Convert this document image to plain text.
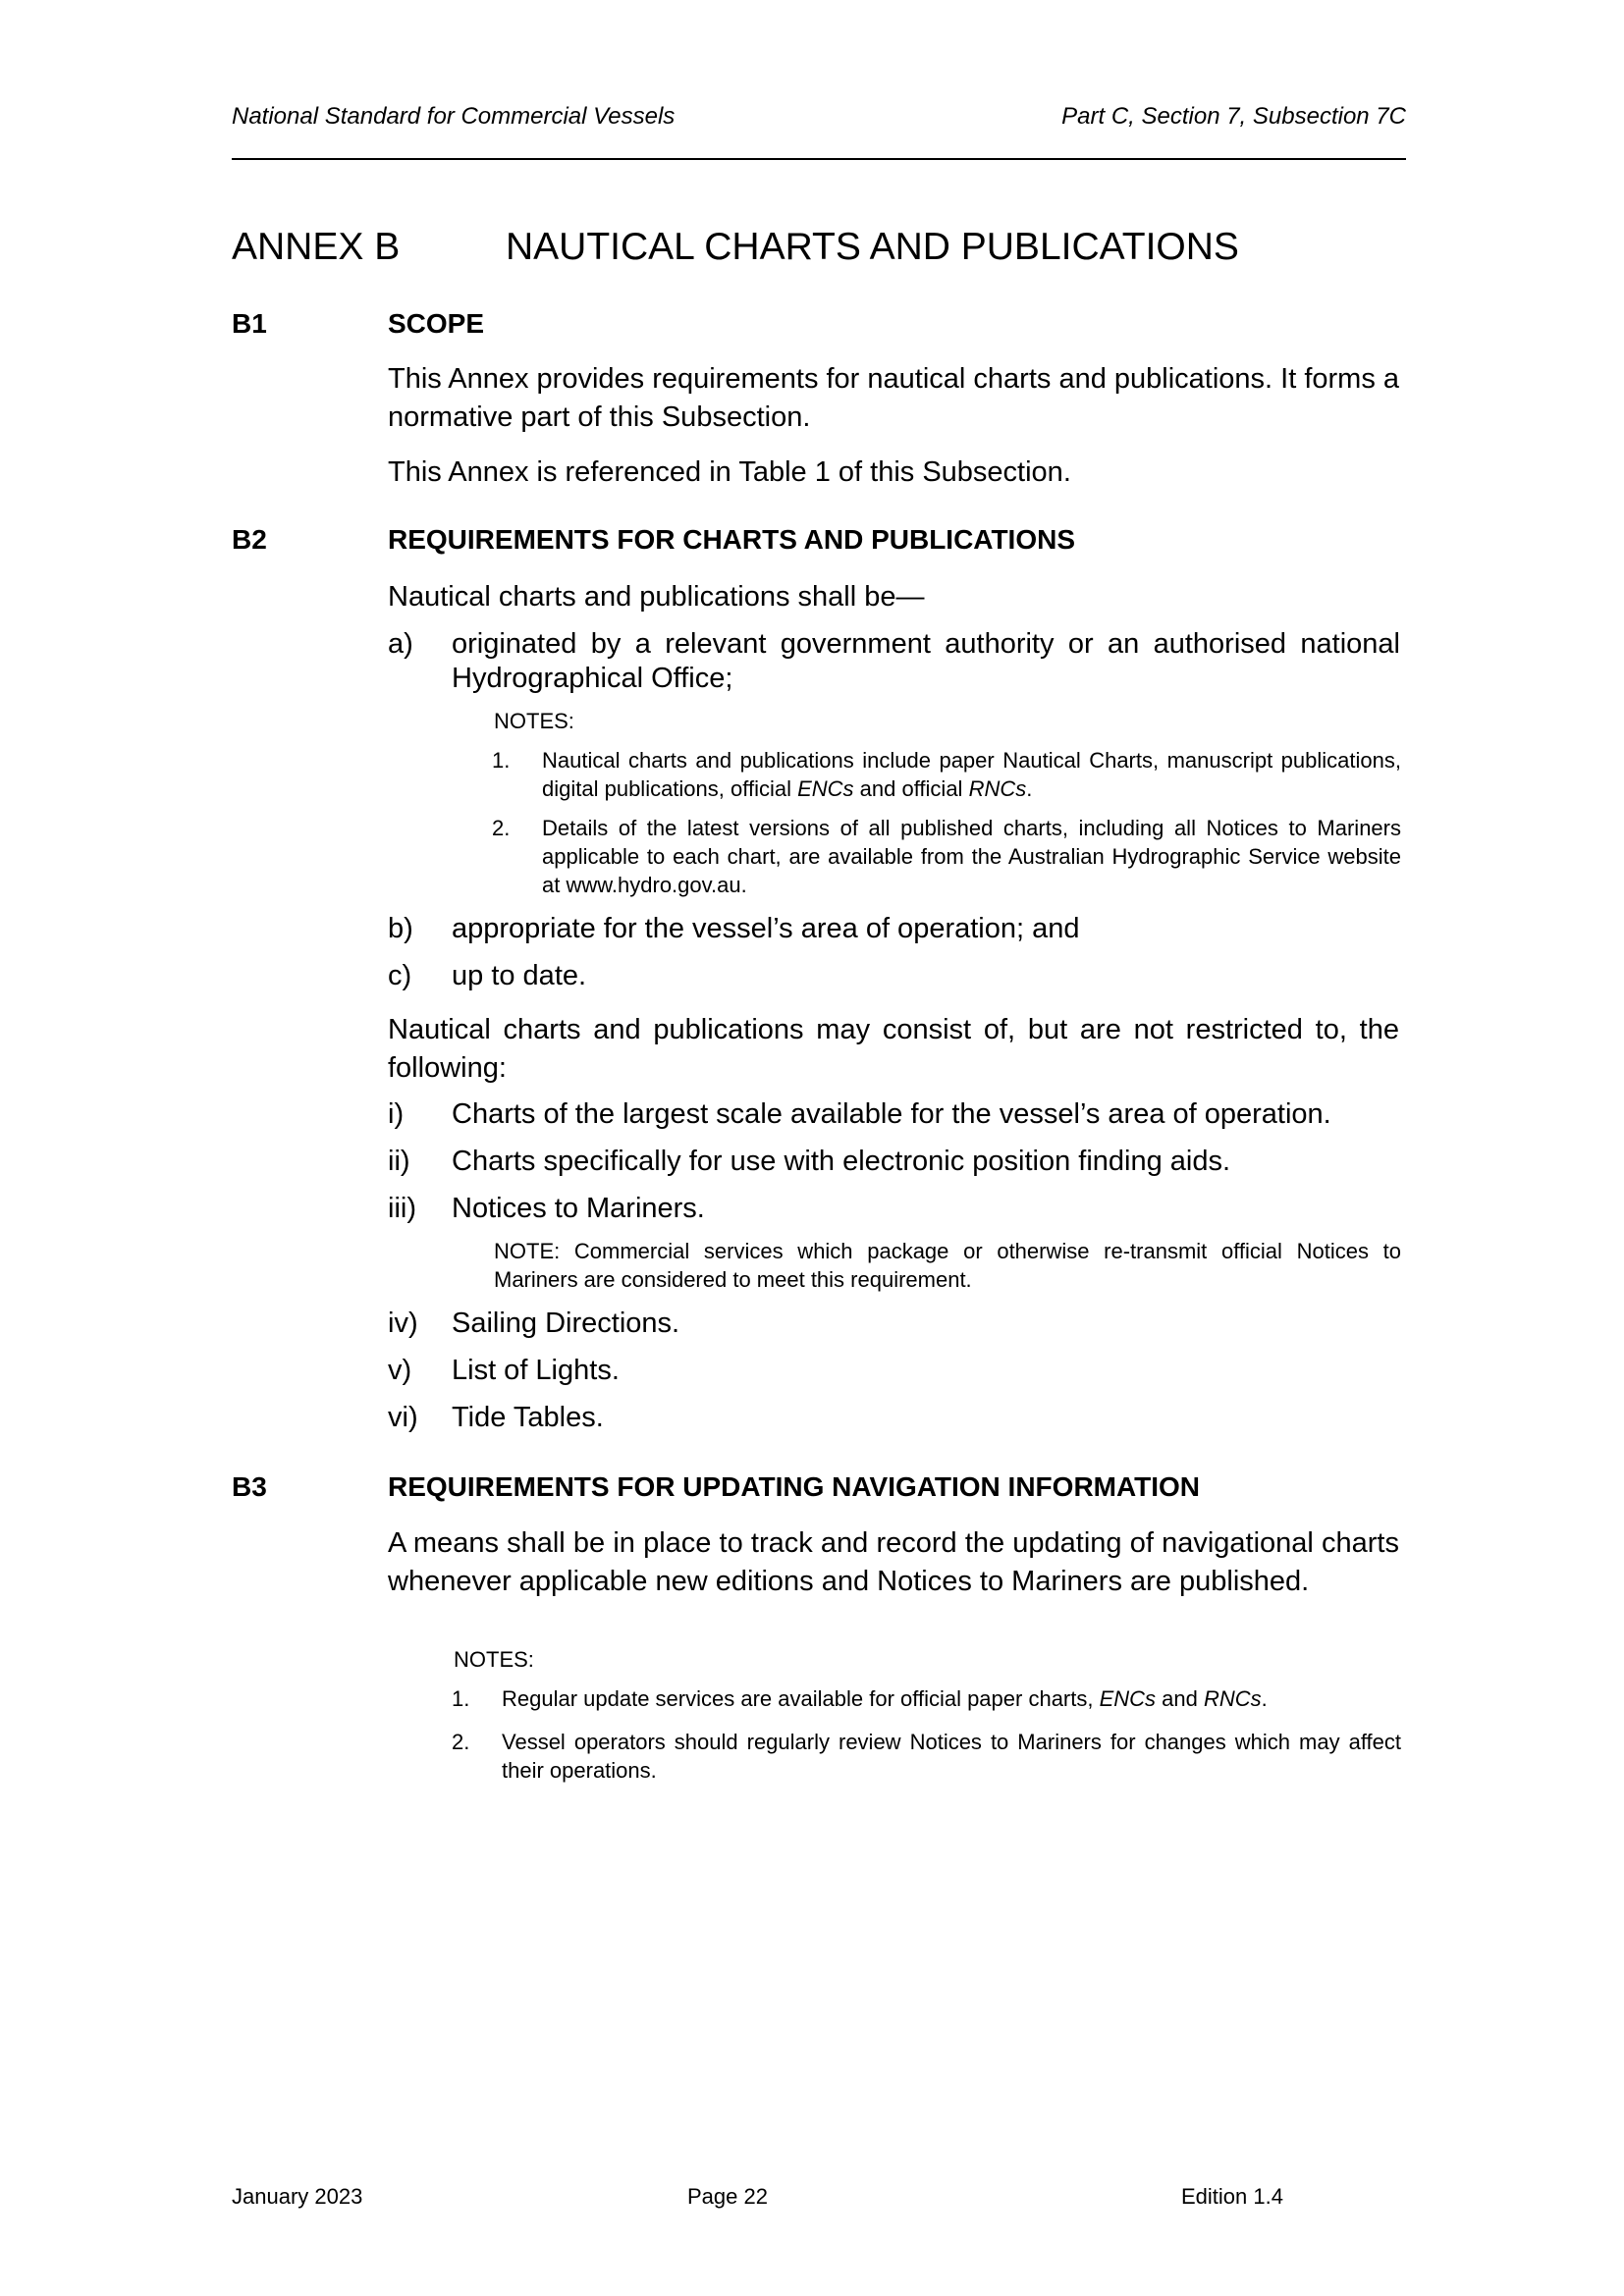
National Standard for Commercial Vessels	Part C, Section 7, Subsection 7C
ANNEX B	NAUTICAL CHARTS AND PUBLICATIONS
B1	SCOPE
This Annex provides requirements for nautical charts and publications. It forms a normative part of this Subsection.
This Annex is referenced in Table 1 of this Subsection.
B2	REQUIREMENTS FOR CHARTS AND PUBLICATIONS
Nautical charts and publications shall be—
a) originated by a relevant government authority or an authorised national Hydrographical Office;
NOTES:
1. Nautical charts and publications include paper Nautical Charts, manuscript publications, digital publications, official ENCs and official RNCs.
2. Details of the latest versions of all published charts, including all Notices to Mariners applicable to each chart, are available from the Australian Hydrographic Service website at www.hydro.gov.au.
b) appropriate for the vessel’s area of operation; and
c) up to date.
Nautical charts and publications may consist of, but are not restricted to, the following:
i) Charts of the largest scale available for the vessel’s area of operation.
ii) Charts specifically for use with electronic position finding aids.
iii) Notices to Mariners.
NOTE: Commercial services which package or otherwise re-transmit official Notices to Mariners are considered to meet this requirement.
iv) Sailing Directions.
v) List of Lights.
vi) Tide Tables.
B3	REQUIREMENTS FOR UPDATING NAVIGATION INFORMATION
A means shall be in place to track and record the updating of navigational charts whenever applicable new editions and Notices to Mariners are published.
NOTES:
1. Regular update services are available for official paper charts, ENCs and RNCs.
2. Vessel operators should regularly review Notices to Mariners for changes which may affect their operations.
January 2023	Page 22	Edition 1.4
